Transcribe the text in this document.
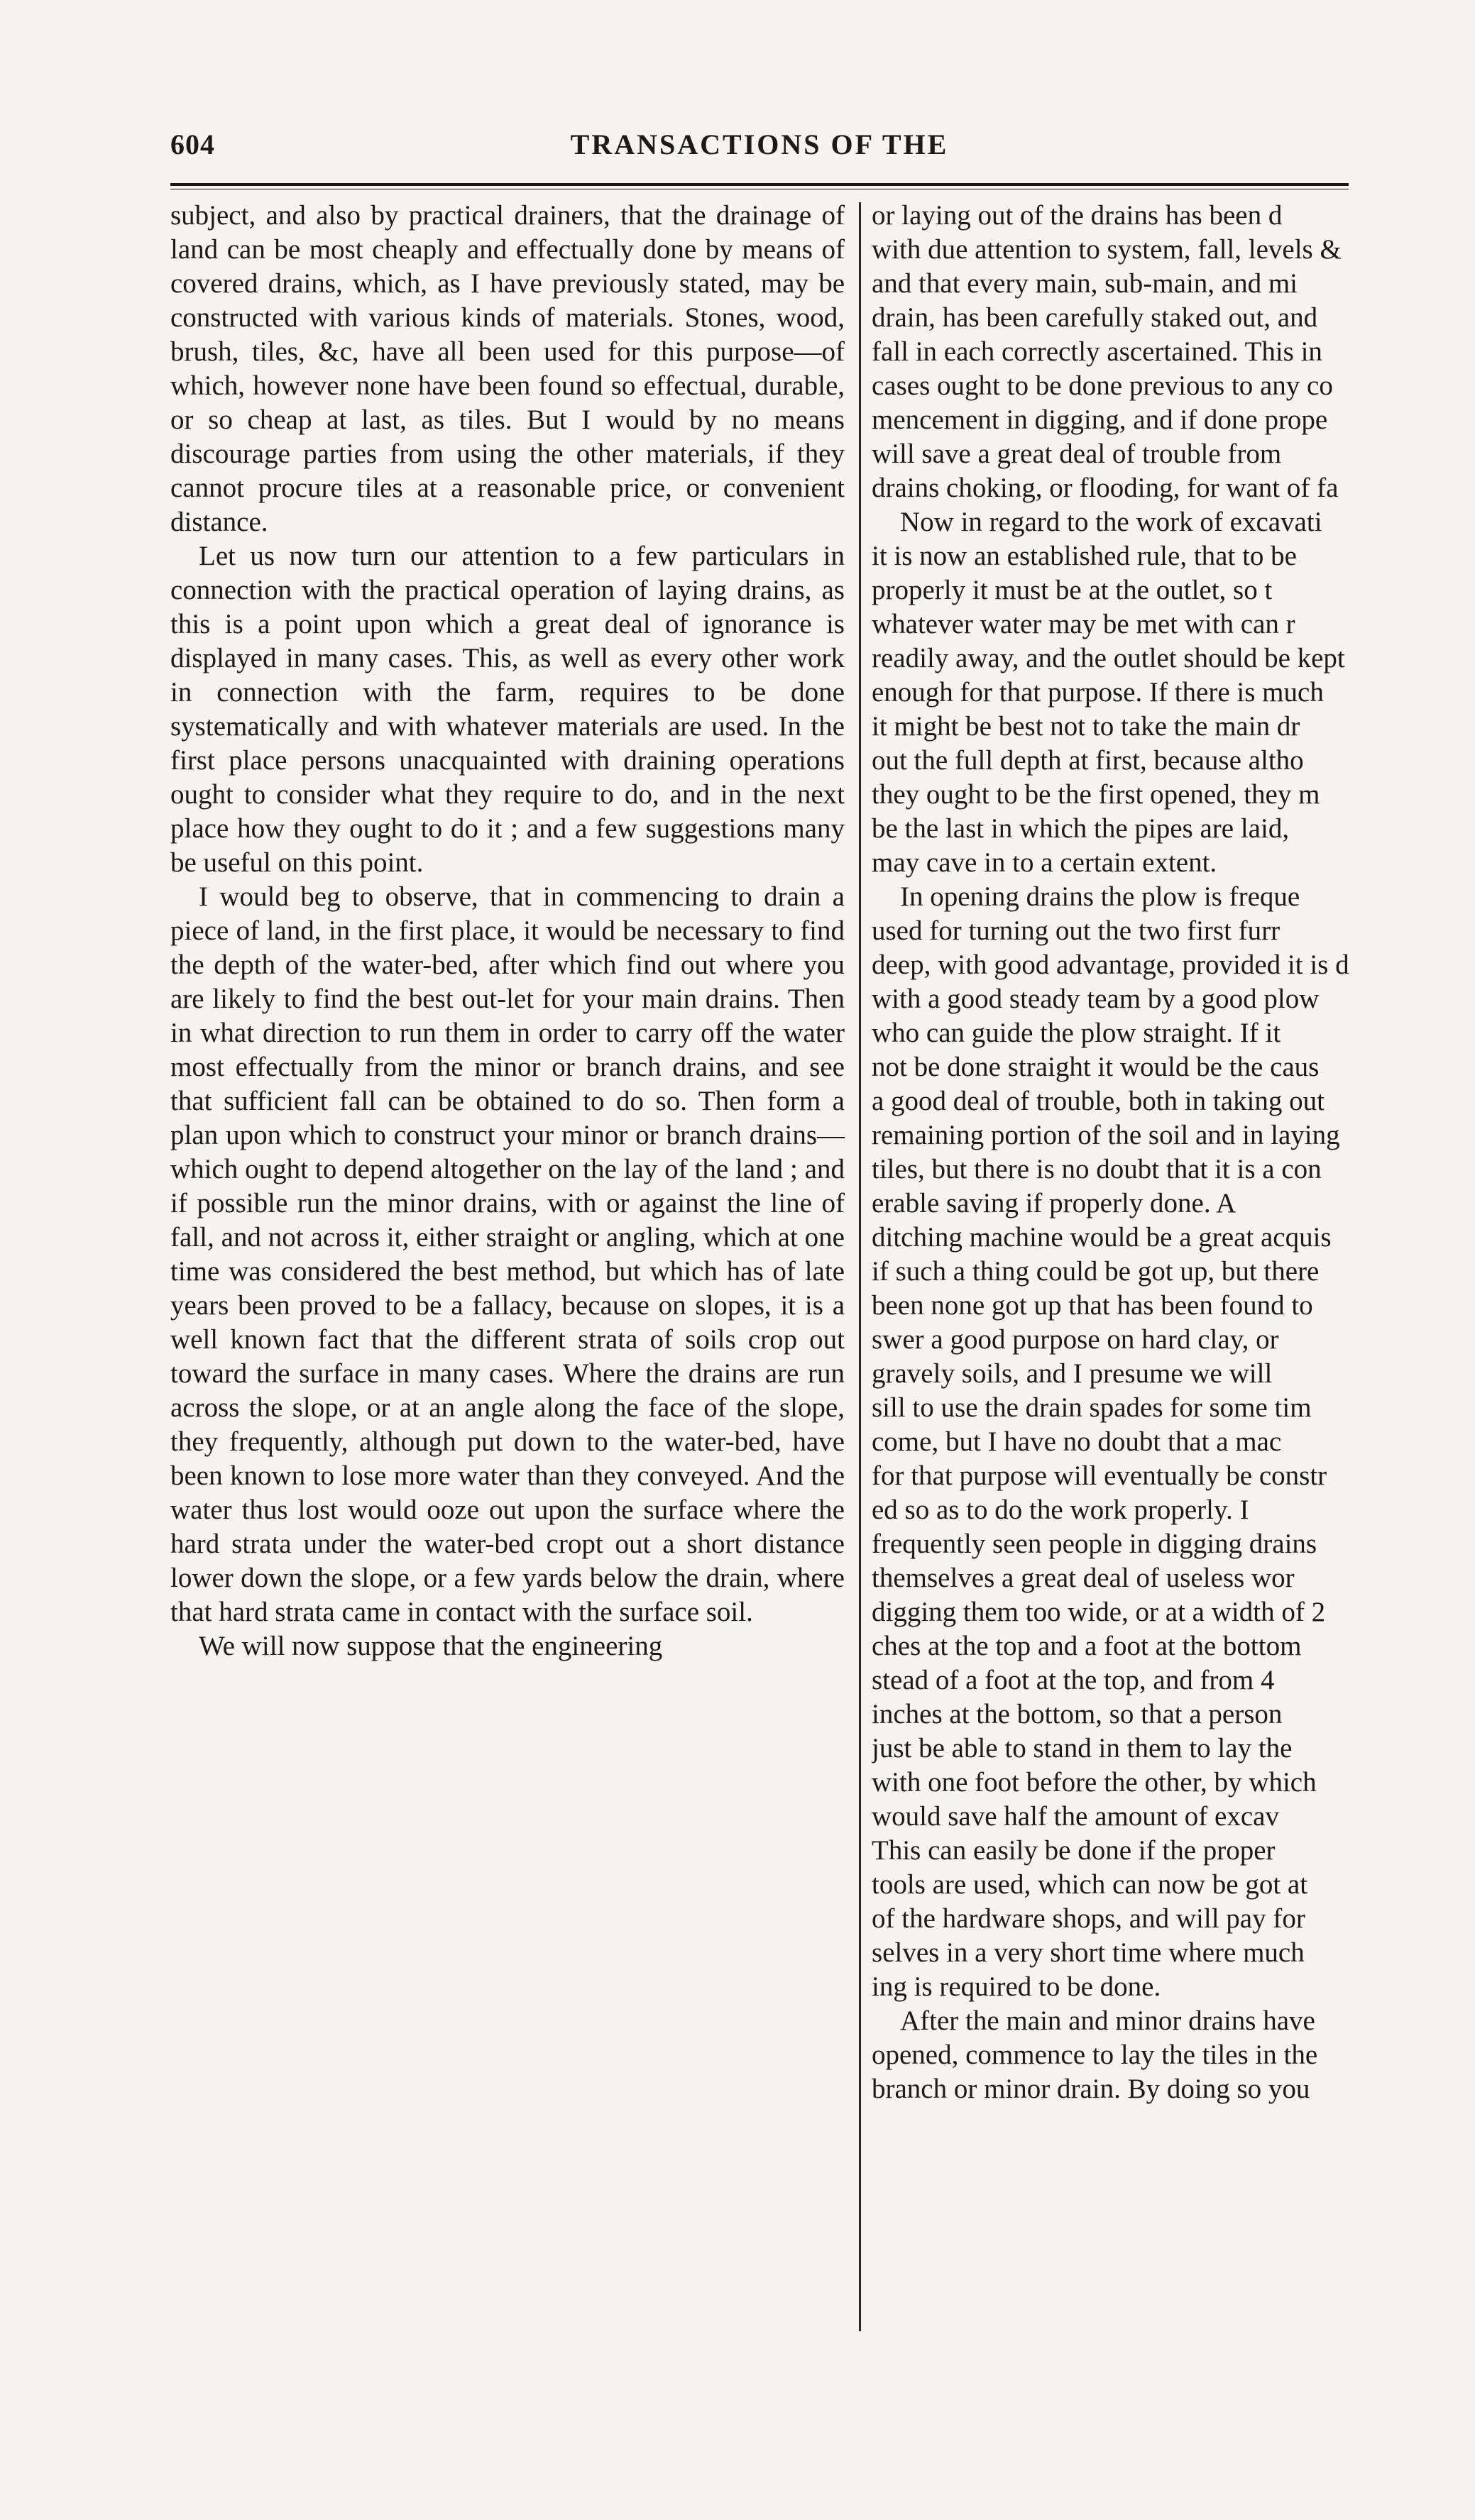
604	TRANSACTIONS OF THE

subject, and also by practical drainers, that the drainage of land can be most cheaply and effectually done by means of covered drains, which, as I have previously stated, may be constructed with various kinds of materials. Stones, wood, brush, tiles, &c, have all been used for this purpose—of which, however none have been found so effectual, durable, or so cheap at last, as tiles. But I would by no means discourage parties from using the other materials, if they cannot procure tiles at a reasonable price, or convenient distance.

Let us now turn our attention to a few particulars in connection with the practical operation of laying drains, as this is a point upon which a great deal of ignorance is displayed in many cases. This, as well as every other work in connection with the farm, requires to be done systematically and with whatever materials are used. In the first place persons unacquainted with draining operations ought to consider what they require to do, and in the next place how they ought to do it ; and a few suggestions many be useful on this point.

I would beg to observe, that in commencing to drain a piece of land, in the first place, it would be necessary to find the depth of the water-bed, after which find out where you are likely to find the best out-let for your main drains. Then in what direction to run them in order to carry off the water most effectually from the minor or branch drains, and see that sufficient fall can be obtained to do so. Then form a plan upon which to construct your minor or branch drains—which ought to depend altogether on the lay of the land ; and if possible run the minor drains, with or against the line of fall, and not across it, either straight or angling, which at one time was considered the best method, but which has of late years been proved to be a fallacy, because on slopes, it is a well known fact that the different strata of soils crop out toward the surface in many cases. Where the drains are run across the slope, or at an angle along the face of the slope, they frequently, although put down to the water-bed, have been known to lose more water than they conveyed. And the water thus lost would ooze out upon the surface where the hard strata under the water-bed cropt out a short distance lower down the slope, or a few yards below the drain, where that hard strata came in contact with the surface soil.

We will now suppose that the engineering

or laying out of the drains has been d
with due attention to system, fall, levels &
and that every main, sub-main, and mi
drain, has been carefully staked out, and
fall in each correctly ascertained. This in
cases ought to be done previous to any co
mencement in digging, and if done prope
will save a great deal of trouble from
drains choking, or flooding, for want of fa

Now in regard to the work of excavati
it is now an established rule, that to be
properly it must be at the outlet, so t
whatever water may be met with can r
readily away, and the outlet should be kept
enough for that purpose. If there is much
it might be best not to take the main dr
out the full depth at first, because altho
they ought to be the first opened, they m
be the last in which the pipes are laid,
may cave in to a certain extent.

In opening drains the plow is freque
used for turning out the two first furr
deep, with good advantage, provided it is d
with a good steady team by a good plow
who can guide the plow straight. If it
not be done straight it would be the caus
a good deal of trouble, both in taking out
remaining portion of the soil and in laying
tiles, but there is no doubt that it is a con
erable saving if properly done. A
ditching machine would be a great acquis
if such a thing could be got up, but there
been none got up that has been found to
swer a good purpose on hard clay, or
gravely soils, and I presume we will
sill to use the drain spades for some tim
come, but I have no doubt that a mac
for that purpose will eventually be constr
ed so as to do the work properly. I
frequently seen people in digging drains
themselves a great deal of useless wor
digging them too wide, or at a width of 2
ches at the top and a foot at the bottom
stead of a foot at the top, and from 4
inches at the bottom, so that a person
just be able to stand in them to lay the
with one foot before the other, by which
would save half the amount of excav
This can easily be done if the proper
tools are used, which can now be got at
of the hardware shops, and will pay for
selves in a very short time where much
ing is required to be done.

After the main and minor drains have
opened, commence to lay the tiles in the
branch or minor drain. By doing so you
